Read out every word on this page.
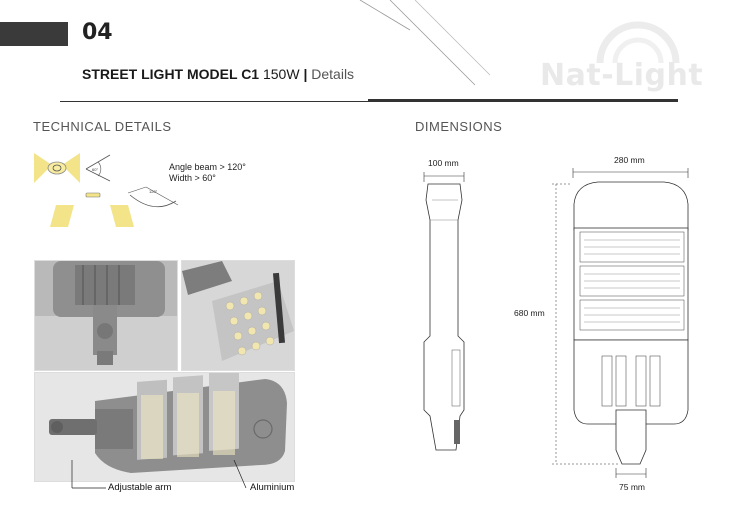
04
STREET LIGHT MODEL C1 150W | Details	Nat-Light
TECHNICAL DETAILS
60°
120°
Angle beam > 120°
Width > 60°
Adjustable arm	Aluminium
DIMENSIONS
100 mm	280 mm
680 mm
75 mm
